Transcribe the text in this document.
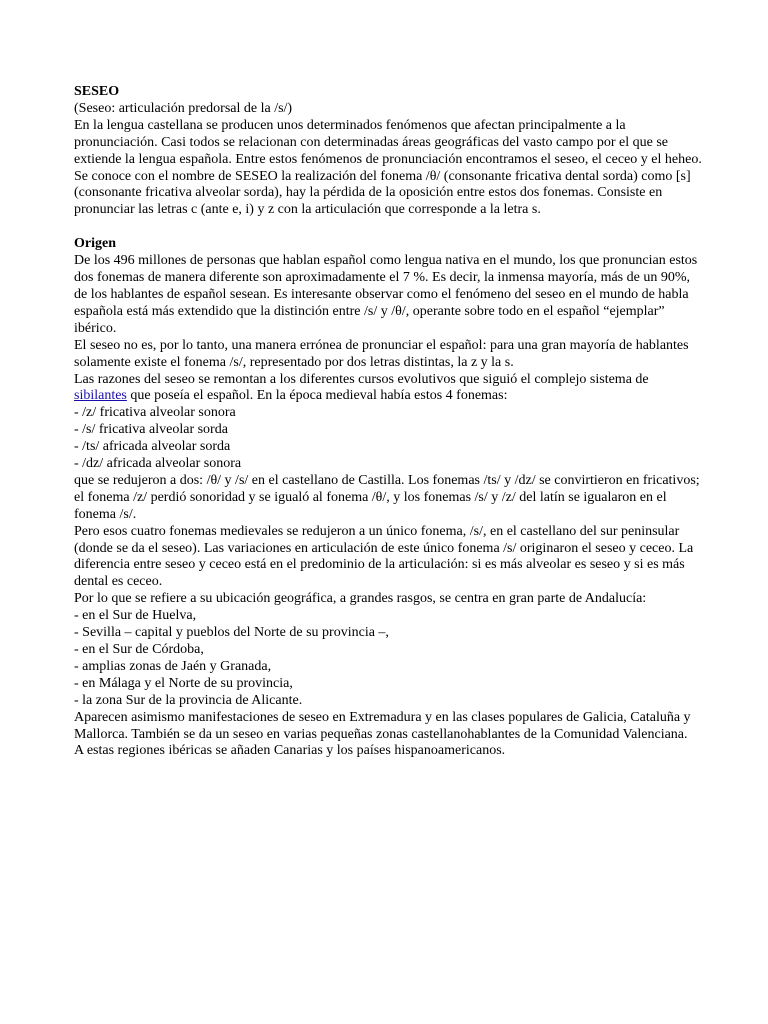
SESEO

(Seseo: articulación predorsal de la /s/)

En la lengua castellana se producen unos determinados fenómenos que afectan principalmente a la pronunciación. Casi todos se relacionan con determinadas áreas geográficas del vasto campo por el que se extiende la lengua española. Entre estos fenómenos de pronunciación encontramos el seseo, el ceceo y el heheo.

Se conoce con el nombre de SESEO la realización del fonema /θ/ (consonante fricativa dental sorda) como [s] (consonante fricativa alveolar sorda), hay la pérdida de la oposición entre estos dos fonemas. Consiste en pronunciar las letras c (ante e, i) y z con la articulación que corresponde a la letra s.

Origen

De los 496 millones de personas que hablan español como lengua nativa en el mundo, los que pronuncian estos dos fonemas de manera diferente son aproximadamente el 7 %. Es decir, la inmensa mayoría, más de un 90%, de los hablantes de español sesean. Es interesante observar como el fenómeno del seseo en el mundo de habla española está más extendido que la distinción entre /s/ y /θ/, operante sobre todo en el español “ejemplar” ibérico.

El seseo no es, por lo tanto, una manera errónea de pronunciar el español: para una gran mayoría de hablantes solamente existe el fonema /s/, representado por dos letras distintas, la z y la s.

Las razones del seseo se remontan a los diferentes cursos evolutivos que siguió el complejo sistema de sibilantes que poseía el español. En la época medieval había estos 4 fonemas:

- /z/ fricativa alveolar sonora

- /s/ fricativa alveolar sorda

- /ts/ africada alveolar sorda

- /dz/ africada alveolar sonora

que se redujeron a dos: /θ/ y /s/ en el castellano de Castilla. Los fonemas /ts/ y /dz/ se convirtieron en fricativos; el fonema /z/ perdió sonoridad y se igualó al fonema /θ/, y los fonemas /s/ y /z/ del latín se igualaron en el fonema /s/.

Pero esos cuatro fonemas medievales se redujeron a un único fonema, /s/, en el castellano del sur peninsular (donde se da el seseo). Las variaciones en articulación de este único fonema /s/ originaron el seseo y ceceo. La diferencia entre seseo y ceceo está en el predominio de la articulación: si es más alveolar es seseo y si es más dental es ceceo.

Por lo que se refiere a su ubicación geográfica, a grandes rasgos, se centra en gran parte de Andalucía:

- en el Sur de Huelva,

- Sevilla – capital y pueblos del Norte de su provincia –,

- en el Sur de Córdoba,

- amplias zonas de Jaén y Granada,

- en Málaga y el Norte de su provincia,

- la zona Sur de la provincia de Alicante.

Aparecen asimismo manifestaciones de seseo en Extremadura y en las clases populares de Galicia, Cataluña y Mallorca. También se da un seseo en varias pequeñas zonas castellanohablantes de la Comunidad Valenciana.

A estas regiones ibéricas se añaden Canarias y los países hispanoamericanos.
